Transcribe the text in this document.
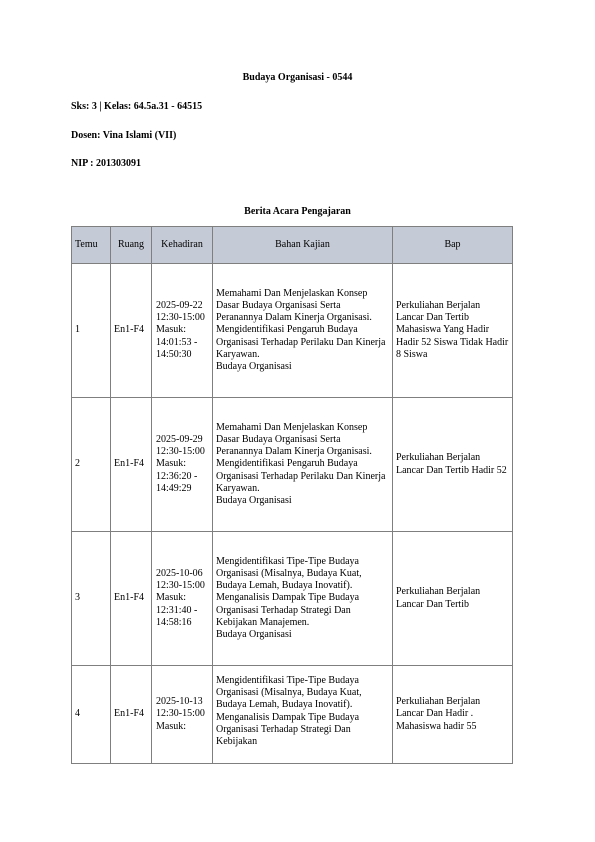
Budaya Organisasi - 0544
Sks: 3 | Kelas: 64.5a.31 - 64515
Dosen: Vina Islami (VII)
NIP : 201303091
Berita Acara Pengajaran
Temu	Ruang	Kehadiran	Bahan Kajian	Bap
1	En1-F4	2025-09-22 12:30-15:00 Masuk: 14:01:53 - 14:50:30	Memahami Dan Menjelaskan Konsep Dasar Budaya Organisasi Serta Peranannya Dalam Kinerja Organisasi. Mengidentifikasi Pengaruh Budaya Organisasi Terhadap Perilaku Dan Kinerja Karyawan.
Budaya Organisasi	Perkuliahan Berjalan Lancar Dan Tertib Mahasiswa Yang Hadir Hadir 52 Siswa Tidak Hadir 8 Siswa
2	En1-F4	2025-09-29 12:30-15:00 Masuk: 12:36:20 - 14:49:29	Memahami Dan Menjelaskan Konsep Dasar Budaya Organisasi Serta Peranannya Dalam Kinerja Organisasi. Mengidentifikasi Pengaruh Budaya Organisasi Terhadap Perilaku Dan Kinerja Karyawan.
Budaya Organisasi	Perkuliahan Berjalan Lancar Dan Tertib Hadir 52
3	En1-F4	2025-10-06 12:30-15:00 Masuk: 12:31:40 - 14:58:16	Mengidentifikasi Tipe-Tipe Budaya Organisasi (Misalnya, Budaya Kuat, Budaya Lemah, Budaya Inovatif). Menganalisis Dampak Tipe Budaya Organisasi Terhadap Strategi Dan Kebijakan Manajemen.
Budaya Organisasi	Perkuliahan Berjalan Lancar Dan Tertib
4	En1-F4	2025-10-13 12:30-15:00 Masuk:	Mengidentifikasi Tipe-Tipe Budaya Organisasi (Misalnya, Budaya Kuat, Budaya Lemah, Budaya Inovatif). Menganalisis Dampak Tipe Budaya Organisasi Terhadap Strategi Dan Kebijakan	Perkuliahan Berjalan Lancar Dan Hadir . Mahasiswa hadir 55
